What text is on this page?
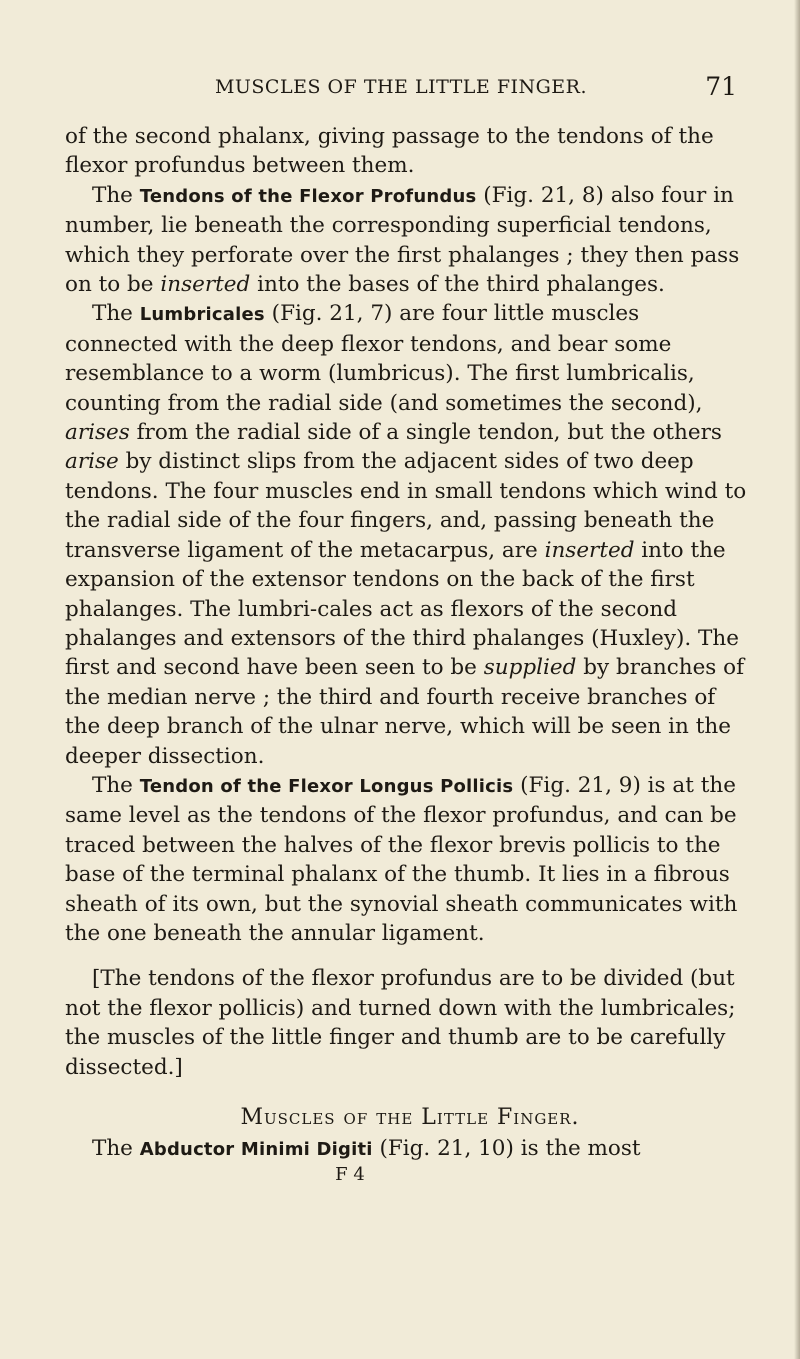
MUSCLES OF THE LITTLE FINGER.	71

of the second phalanx, giving passage to the tendons of the flexor profundus between them.

The Tendons of the Flexor Profundus (Fig. 21, 8) also four in number, lie beneath the corresponding superficial tendons, which they perforate over the first phalanges ; they then pass on to be inserted into the bases of the third phalanges.

The Lumbricales (Fig. 21, 7) are four little muscles connected with the deep flexor tendons, and bear some resemblance to a worm (lumbricus). The first lumbricalis, counting from the radial side (and sometimes the second), arises from the radial side of a single tendon, but the others arise by distinct slips from the adjacent sides of two deep tendons. The four muscles end in small tendons which wind to the radial side of the four fingers, and, passing beneath the transverse ligament of the metacarpus, are inserted into the expansion of the extensor tendons on the back of the first phalanges. The lumbri-cales act as flexors of the second phalanges and extensors of the third phalanges (Huxley). The first and second have been seen to be supplied by branches of the median nerve ; the third and fourth receive branches of the deep branch of the ulnar nerve, which will be seen in the deeper dissection.

The Tendon of the Flexor Longus Pollicis (Fig. 21, 9) is at the same level as the tendons of the flexor profundus, and can be traced between the halves of the flexor brevis pollicis to the base of the terminal phalanx of the thumb. It lies in a fibrous sheath of its own, but the synovial sheath communicates with the one beneath the annular ligament.

[The tendons of the flexor profundus are to be divided (but not the flexor pollicis) and turned down with the lumbricales; the muscles of the little finger and thumb are to be carefully dissected.]

Muscles of the Little Finger.

The Abductor Minimi Digiti (Fig. 21, 10) is the most

F 4
